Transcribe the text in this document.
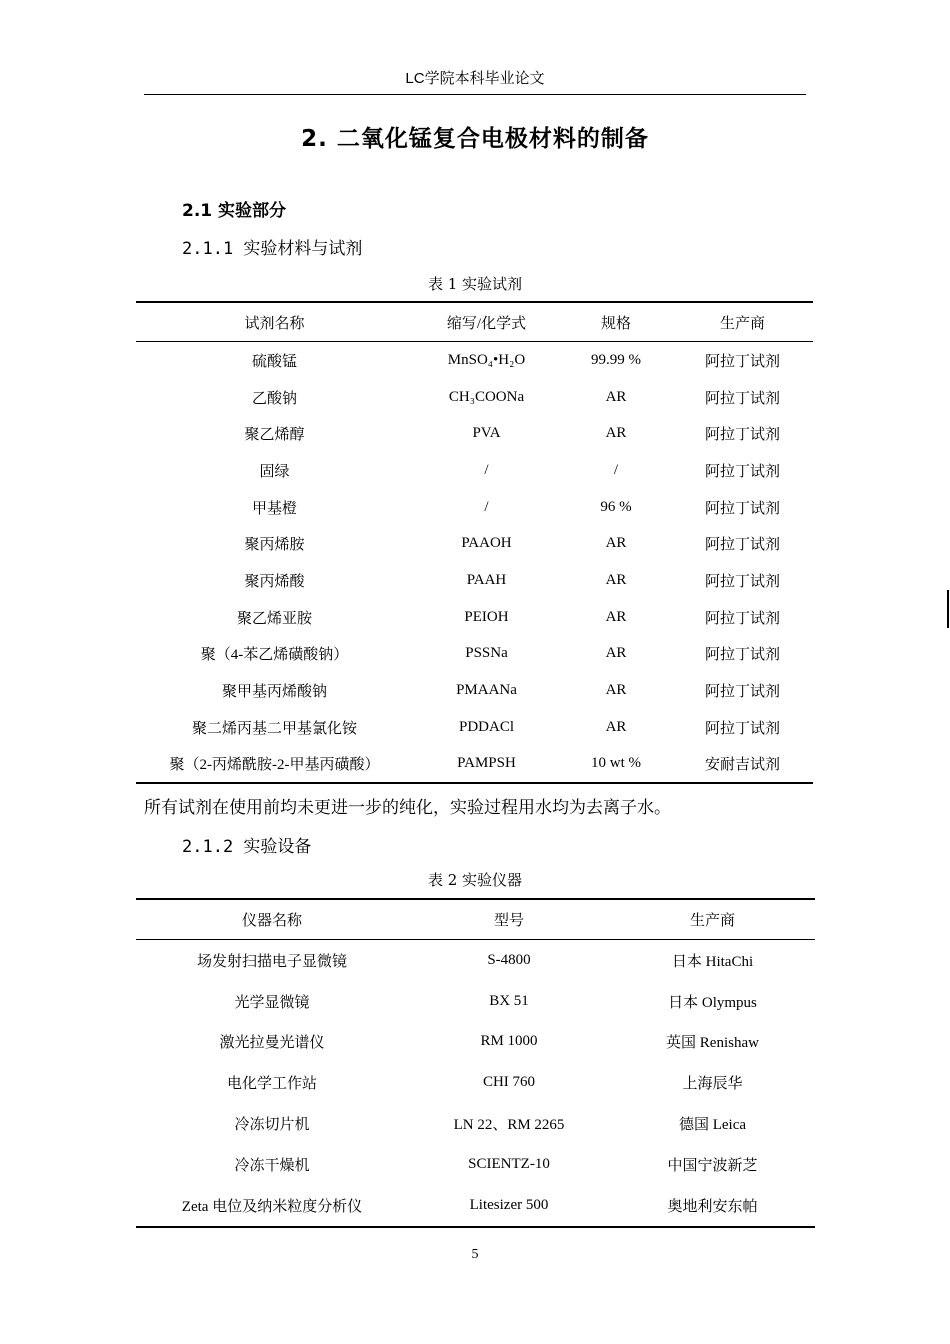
LC学院本科毕业论文
2. 二氧化锰复合电极材料的制备
2.1 实验部分
2.1.1 实验材料与试剂
表 1 实验试剂
试剂名称	缩写/化学式	规格	生产商
硫酸锰	MnSO₄•H₂O	99.99 %	阿拉丁试剂
乙酸钠	CH₃COONa	AR	阿拉丁试剂
聚乙烯醇	PVA	AR	阿拉丁试剂
固绿	/	/	阿拉丁试剂
甲基橙	/	96 %	阿拉丁试剂
聚丙烯胺	PAAOH	AR	阿拉丁试剂
聚丙烯酸	PAAH	AR	阿拉丁试剂
聚乙烯亚胺	PEIOH	AR	阿拉丁试剂
聚（4-苯乙烯磺酸钠）	PSSNa	AR	阿拉丁试剂
聚甲基丙烯酸钠	PMAANa	AR	阿拉丁试剂
聚二烯丙基二甲基氯化铵	PDDACl	AR	阿拉丁试剂
聚（2-丙烯酰胺-2-甲基丙磺酸）	PAMPSH	10 wt %	安耐吉试剂
所有试剂在使用前均未更进一步的纯化，实验过程用水均为去离子水。
2.1.2 实验设备
表 2 实验仪器
仪器名称	型号	生产商
场发射扫描电子显微镜	S-4800	日本 HitaChi
光学显微镜	BX 51	日本 Olympus
激光拉曼光谱仪	RM 1000	英国 Renishaw
电化学工作站	CHI 760	上海辰华
冷冻切片机	LN 22、RM 2265	德国 Leica
冷冻干燥机	SCIENTZ-10	中国宁波新芝
Zeta 电位及纳米粒度分析仪	Litesizer 500	奥地利安东帕
5
